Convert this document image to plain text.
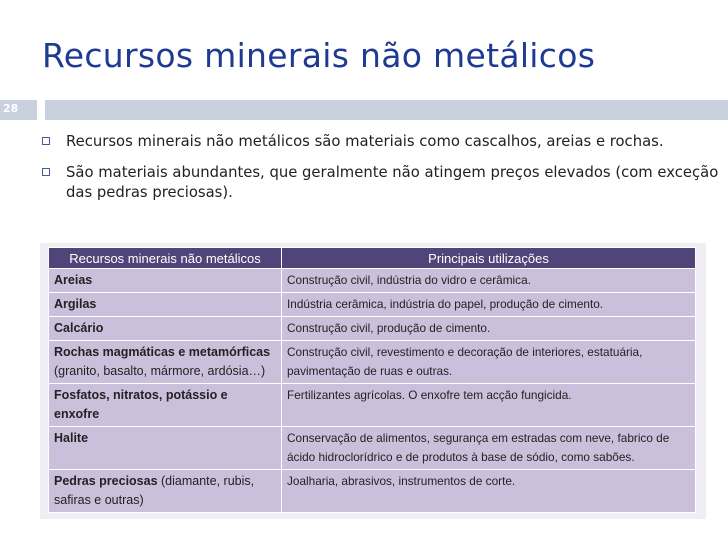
Recursos minerais não metálicos
28
Recursos minerais não metálicos são materiais como cascalhos, areias e rochas.
São materiais abundantes, que geralmente não atingem preços elevados (com exceção das pedras preciosas).
Recursos minerais não metálicos	Principais utilizações
Areias	Construção civil, indústria do vidro e cerâmica.
Argilas	Indústria cerâmica, indústria do papel, produção de cimento.
Calcário	Construção civil, produção de cimento.
Rochas magmáticas e metamórficas (granito, basalto, mármore, ardósia…)	Construção civil, revestimento e decoração de interiores, estatuária, pavimentação de ruas e outras.
Fosfatos, nitratos, potássio e enxofre	Fertilizantes agrícolas. O enxofre tem acção fungicida.
Halite	Conservação de alimentos, segurança em estradas com neve, fabrico de ácido hidroclorídrico e de produtos à base de sódio, como sabões.
Pedras preciosas (diamante, rubis, safiras e outras)	Joalharia, abrasivos, instrumentos de corte.
